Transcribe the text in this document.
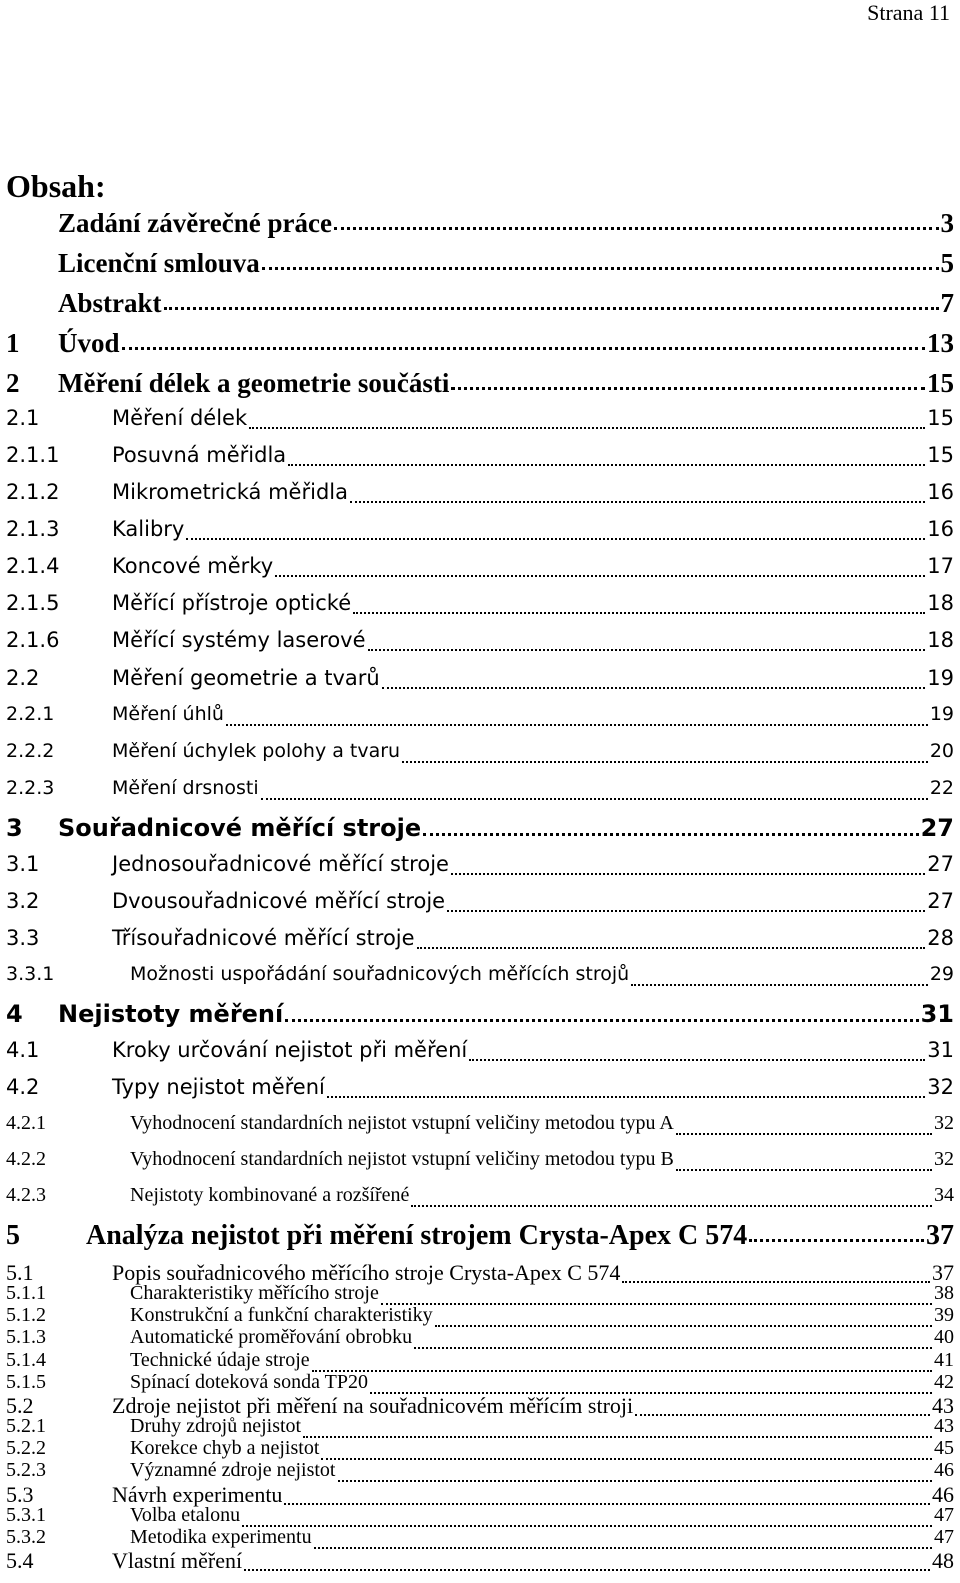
Strana 11
Obsah:
Zadání závěrečné práce	3
Licenční smlouva	5
Abstrakt	7
1 Úvod	13
2 Měření délek a geometrie součásti	15
2.1	Měření délek	15
2.1.1	Posuvná měřidla	15
2.1.2	Mikrometrická měřidla	16
2.1.3	Kalibry	16
2.1.4	Koncové měrky	17
2.1.5	Měřící přístroje optické	18
2.1.6	Měřící systémy laserové	18
2.2	Měření geometrie a tvarů	19
2.2.1	Měření úhlů	19
2.2.2	Měření úchylek polohy a tvaru	20
2.2.3	Měření drsnosti	22
3 Souřadnicové měřící stroje	27
3.1	Jednosouřadnicové měřící stroje	27
3.2	Dvousouřadnicové měřící stroje	27
3.3	Třísouřadnicové měřící stroje	28
3.3.1	Možnosti uspořádání souřadnicových měřících strojů	29
4 Nejistoty měření	31
4.1	Kroky určování nejistot při měření	31
4.2	Typy nejistot měření	32
4.2.1	Vyhodnocení standardních nejistot vstupní veličiny metodou typu A	32
4.2.2	Vyhodnocení standardních nejistot vstupní veličiny metodou typu B	32
4.2.3	Nejistoty kombinované a rozšířené	34
5 Analýza nejistot při měření strojem Crysta-Apex C 574	37
5.1	Popis souřadnicového měřícího stroje Crysta-Apex C 574	37
5.1.1	Charakteristiky měřícího stroje	38
5.1.2	Konstrukční a funkční charakteristiky	39
5.1.3	Automatické proměřování obrobku	40
5.1.4	Technické údaje stroje	41
5.1.5	Spínací doteková sonda TP20	42
5.2	Zdroje nejistot při měření na souřadnicovém měřícím stroji	43
5.2.1	Druhy zdrojů nejistot	43
5.2.2	Korekce chyb a nejistot	45
5.2.3	Významné zdroje nejistot	46
5.3	Návrh experimentu	46
5.3.1	Volba etalonu	47
5.3.2	Metodika experimentu	47
5.4	Vlastní měření	48
